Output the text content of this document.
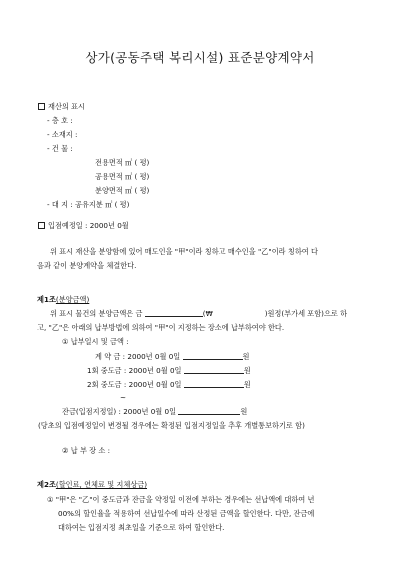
상가(공동주택 복리시설) 표준분양계약서
재산의 표시
- 층 호 :
- 소재지 :
- 건 물 :
전용면적 ㎡ ( 평)
공용면적 ㎡ ( 평)
분양면적 ㎡ ( 평)
- 대 지 : 공유지분 ㎡ ( 평)
입점예정일 : 2000년 0월
위 표시 재산을 분양함에 있어 매도인을 "甲"이라 칭하고 매수인을 "乙"이라 칭하여 다
음과 같이 분양계약을 체결한다.
제1조(분양금액)
위 표시 물건의 분양금액은 금	(₩	)원정(부가세 포함)으로 하
고, "乙"은 아래의 납부방법에 의하여 "甲"이 지정하는 장소에 납부하여야 한다.
① 납부일시 및 금액 :
계 약 금 : 2000년 0월 0일	원
1회 중도금 : 2000년 0월 0일	원
2회 중도금 : 2000년 0월 0일	원
~
잔금(입점지정일) : 2000년 0월 0일	원
(당초의 입점예정일이 변경될 경우에는 확정된 입점지정일을 추후 개별통보하기로 함)
② 납 부 장 소 :
제2조(할인료, 연체료 및 지체상금)
① "甲"은 "乙"이 중도금과 잔금을 약정일 이전에 부하는 경우에는 선납액에 대하여 년
00%의 할인율을 적용하여 선납일수에 따라 산정된 금액을 할인한다. 다만, 잔금에
대하여는 입점지정 최초일을 기준으로 하여 할인한다.
